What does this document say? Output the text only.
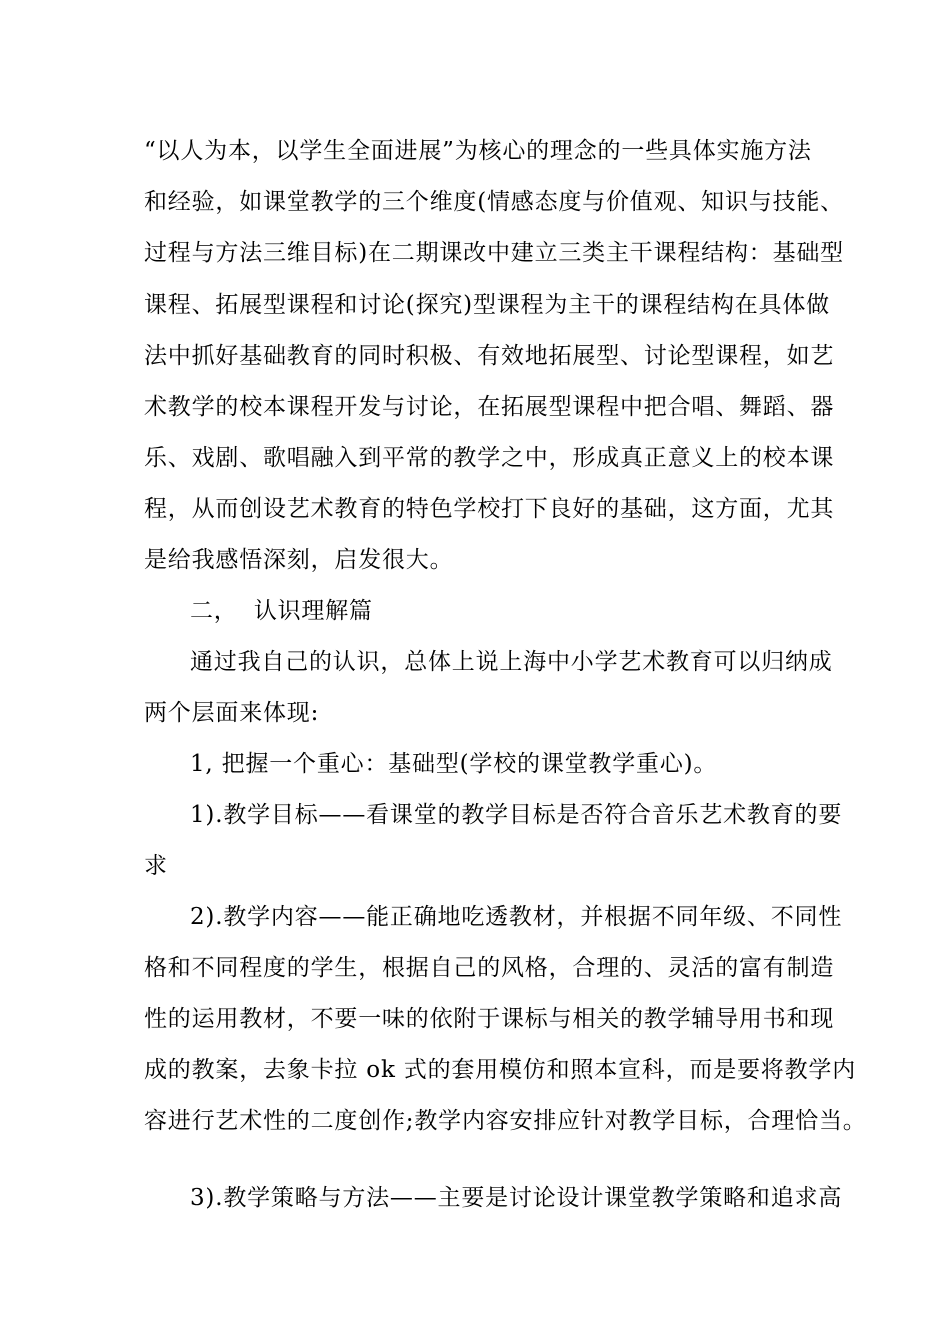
“以人为本，以学生全面进展”为核心的理念的一些具体实施方法
和经验，如课堂教学的三个维度(情感态度与价值观、知识与技能、
过程与方法三维目标)在二期课改中建立三类主干课程结构：基础型
课程、拓展型课程和讨论(探究)型课程为主干的课程结构在具体做
法中抓好基础教育的同时积极、有效地拓展型、讨论型课程，如艺
术教学的校本课程开发与讨论，在拓展型课程中把合唱、舞蹈、器
乐、戏剧、歌唱融入到平常的教学之中，形成真正意义上的校本课
程，从而创设艺术教育的特色学校打下良好的基础，这方面，尤其
是给我感悟深刻，启发很大。
二，  认识理解篇
通过我自己的认识，总体上说上海中小学艺术教育可以归纳成
两个层面来体现:
1, 把握一个重心：基础型(学校的课堂教学重心)。
1).教学目标——看课堂的教学目标是否符合音乐艺术教育的要
求
2).教学内容——能正确地吃透教材，并根据不同年级、不同性
格和不同程度的学生，根据自己的风格，合理的、灵活的富有制造
性的运用教材，不要一味的依附于课标与相关的教学辅导用书和现
成的教案，去象卡拉 ok 式的套用模仿和照本宣科，而是要将教学内
容进行艺术性的二度创作;教学内容安排应针对教学目标，合理恰当。
3).教学策略与方法——主要是讨论设计课堂教学策略和追求高
